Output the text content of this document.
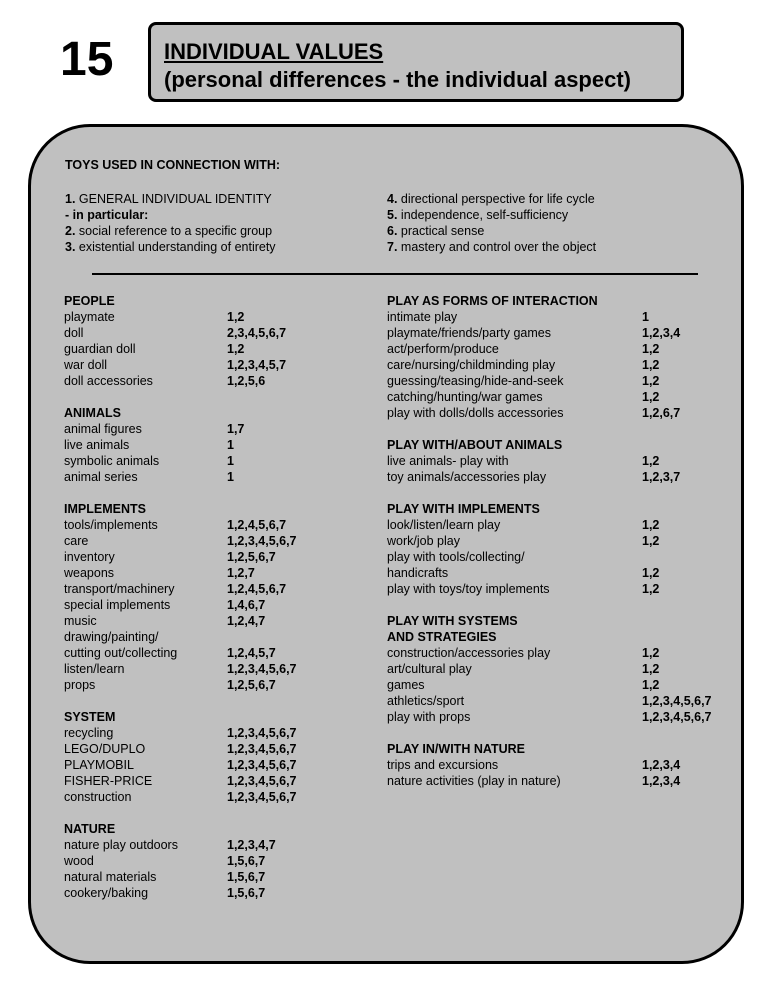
15 INDIVIDUAL VALUES
(personal differences - the individual aspect)
TOYS USED IN CONNECTION WITH:
1. GENERAL INDIVIDUAL IDENTITY
- in particular:
2. social reference to a specific group
3. existential understanding of entirety
4. directional perspective for life cycle
5. independence, self-sufficiency
6. practical sense
7. mastery and control over the object
PEOPLE
playmate	1,2
doll	2,3,4,5,6,7
guardian doll	1,2
war doll	1,2,3,4,5,7
doll accessories	1,2,5,6
ANIMALS
animal figures	1,7
live animals	1
symbolic animals	1
animal series	1
IMPLEMENTS
tools/implements	1,2,4,5,6,7
care	1,2,3,4,5,6,7
inventory	1,2,5,6,7
weapons	1,2,7
transport/machinery	1,2,4,5,6,7
special implements	1,4,6,7
music	1,2,4,7
drawing/painting/
cutting out/collecting	1,2,4,5,7
listen/learn	1,2,3,4,5,6,7
props	1,2,5,6,7
SYSTEM
recycling	1,2,3,4,5,6,7
LEGO/DUPLO	1,2,3,4,5,6,7
PLAYMOBIL	1,2,3,4,5,6,7
FISHER-PRICE	1,2,3,4,5,6,7
construction	1,2,3,4,5,6,7
NATURE
nature play outdoors	1,2,3,4,7
wood	1,5,6,7
natural materials	1,5,6,7
cookery/baking	1,5,6,7
PLAY AS FORMS OF INTERACTION
intimate play	1
playmate/friends/party games	1,2,3,4
act/perform/produce	1,2
care/nursing/childminding play	1,2
guessing/teasing/hide-and-seek	1,2
catching/hunting/war games	1,2
play with dolls/dolls accessories	1,2,6,7
PLAY WITH/ABOUT ANIMALS
live animals- play with	1,2
toy animals/accessories play	1,2,3,7
PLAY WITH IMPLEMENTS
look/listen/learn play	1,2
work/job play	1,2
play with tools/collecting/
handicrafts	1,2
play with toys/toy implements	1,2
PLAY WITH SYSTEMS
AND STRATEGIES
construction/accessories play	1,2
art/cultural play	1,2
games	1,2
athletics/sport	1,2,3,4,5,6,7
play with props	1,2,3,4,5,6,7
PLAY IN/WITH NATURE
trips and excursions	1,2,3,4
nature activities (play in nature)	1,2,3,4
